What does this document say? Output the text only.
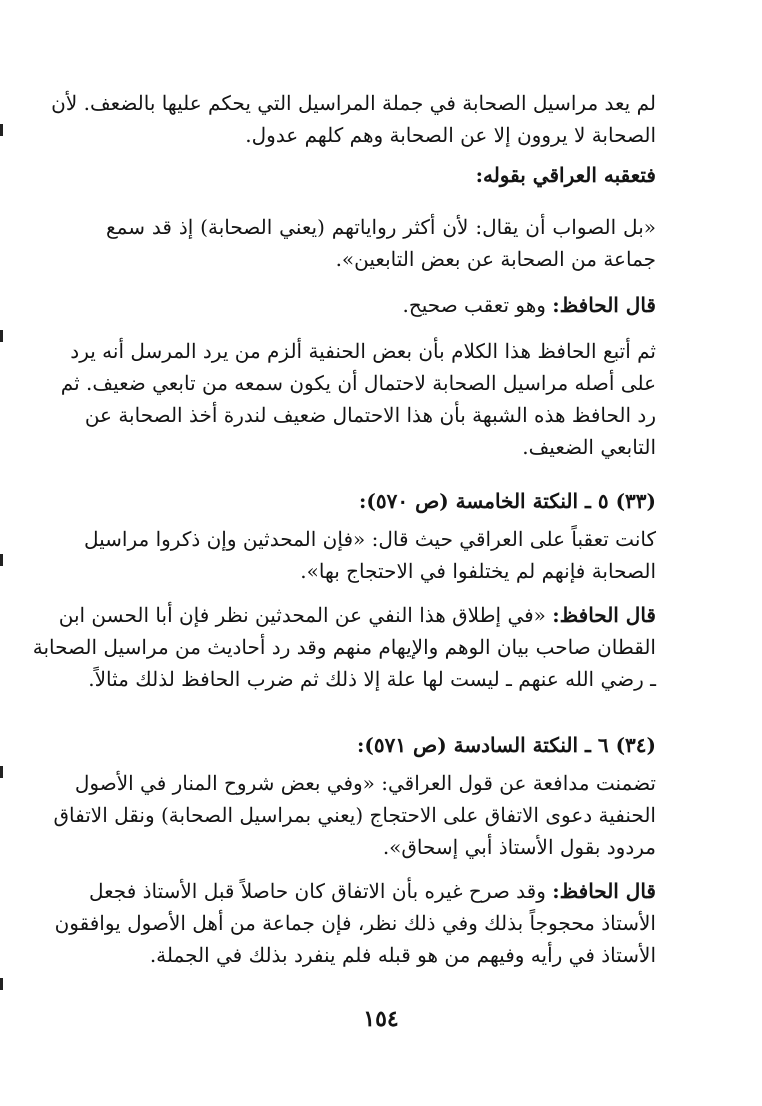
لم يعد مراسيل الصحابة في جملة المراسيل التي يحكم عليها بالضعف. لأن
الصحابة لا يروون إلا عن الصحابة وهم كلهم عدول.
فتعقبه العراقي بقوله:
«بل الصواب أن يقال: لأن أكثر رواياتهم (يعني الصحابة) إذ قد سمع
جماعة من الصحابة عن بعض التابعين».
قال الحافظ: وهو تعقب صحيح.
ثم أتبع الحافظ هذا الكلام بأن بعض الحنفية ألزم من يرد المرسل أنه يرد
على أصله مراسيل الصحابة لاحتمال أن يكون سمعه من تابعي ضعيف. ثم
رد الحافظ هذه الشبهة بأن هذا الاحتمال ضعيف لندرة أخذ الصحابة عن
التابعي الضعيف.
(٣٣) ٥ ـ النكتة الخامسة (ص ٥٧٠):
كانت تعقباً على العراقي حيث قال: «فإن المحدثين وإن ذكروا مراسيل
الصحابة فإنهم لم يختلفوا في الاحتجاج بها».
قال الحافظ: «في إطلاق هذا النفي عن المحدثين نظر فإن أبا الحسن ابن
القطان صاحب بيان الوهم والإيهام منهم وقد رد أحاديث من مراسيل الصحابة
ـ رضي الله عنهم ـ ليست لها علة إلا ذلك ثم ضرب الحافظ لذلك مثالاً.
(٣٤) ٦ ـ النكتة السادسة (ص ٥٧١):
تضمنت مدافعة عن قول العراقي: «وفي بعض شروح المنار في الأصول
الحنفية دعوى الاتفاق على الاحتجاج (يعني بمراسيل الصحابة) ونقل الاتفاق
مردود بقول الأستاذ أبي إسحاق».
قال الحافظ: وقد صرح غيره بأن الاتفاق كان حاصلاً قبل الأستاذ فجعل
الأستاذ محجوجاً بذلك وفي ذلك نظر، فإن جماعة من أهل الأصول يوافقون
الأستاذ في رأيه وفيهم من هو قبله فلم ينفرد بذلك في الجملة.
١٥٤
